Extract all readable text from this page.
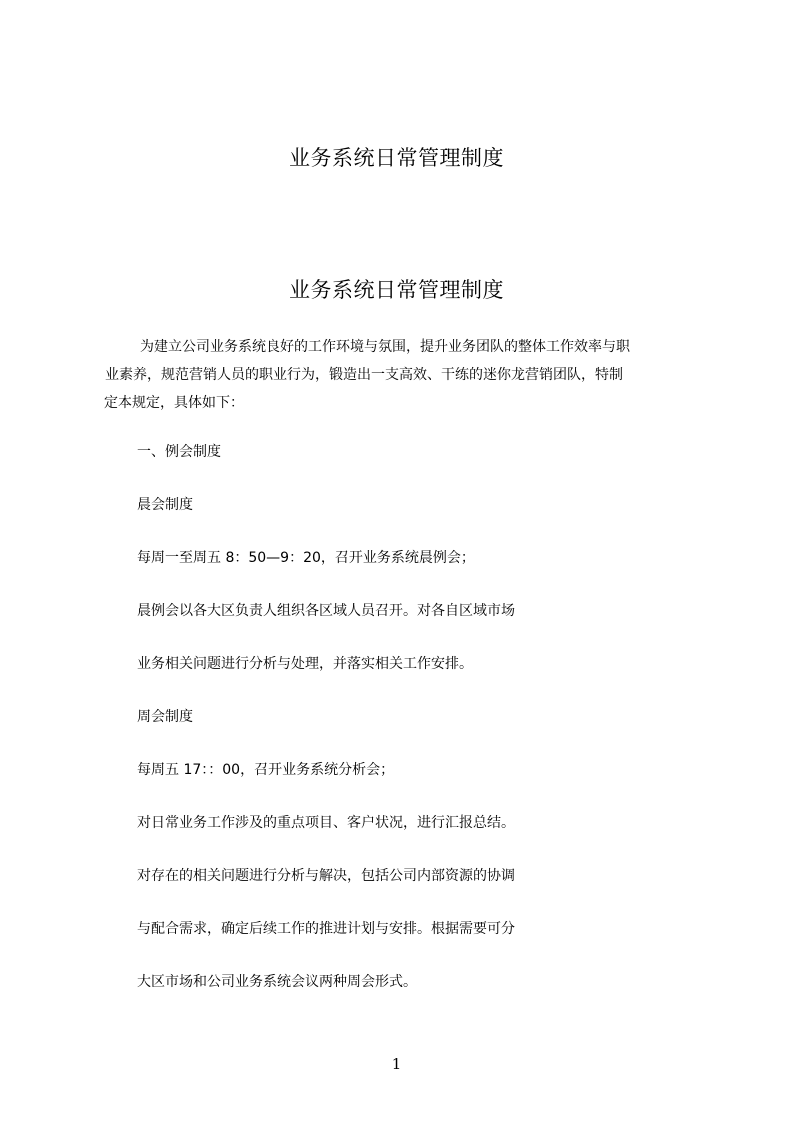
业务系统日常管理制度
业务系统日常管理制度

为建立公司业务系统良好的工作环境与氛围，提升业务团队的整体工作效率与职
业素养，规范营销人员的职业行为，锻造出一支高效、干练的迷你龙营销团队，特制
定本规定，具体如下：

一、例会制度

晨会制度

每周一至周五 8：50—9：20，召开业务系统晨例会；

晨例会以各大区负责人组织各区域人员召开。对各自区域市场

业务相关问题进行分析与处理，并落实相关工作安排。

周会制度

每周五 17：：00，召开业务系统分析会；

对日常业务工作涉及的重点项目、客户状况，进行汇报总结。

对存在的相关问题进行分析与解决，包括公司内部资源的协调

与配合需求，确定后续工作的推进计划与安排。根据需要可分

大区市场和公司业务系统会议两种周会形式。

1
